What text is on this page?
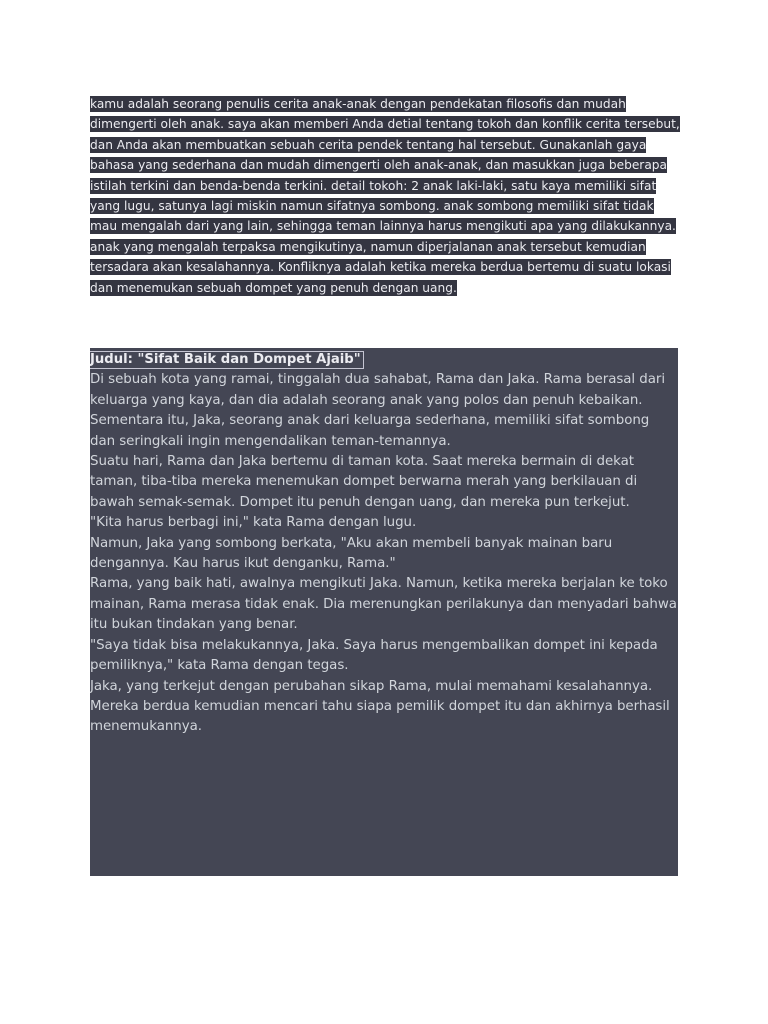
kamu adalah seorang penulis cerita anak-anak dengan pendekatan filosofis dan mudah dimengerti oleh anak. saya akan memberi Anda detial tentang tokoh dan konflik cerita tersebut, dan Anda akan membuatkan sebuah cerita pendek tentang hal tersebut. Gunakanlah gaya bahasa yang sederhana dan mudah dimengerti oleh anak-anak, dan masukkan juga beberapa istilah terkini dan benda-benda terkini. detail tokoh: 2 anak laki-laki, satu kaya memiliki sifat yang lugu, satunya lagi miskin namun sifatnya sombong. anak sombong memiliki sifat tidak mau mengalah dari yang lain, sehingga teman lainnya harus mengikuti apa yang dilakukannya. anak yang mengalah terpaksa mengikutinya, namun diperjalanan anak tersebut kemudian tersadara akan kesalahannya. Konfliknya adalah ketika mereka berdua bertemu di suatu lokasi dan menemukan sebuah dompet yang penuh dengan uang.

Judul: "Sifat Baik dan Dompet Ajaib"

Di sebuah kota yang ramai, tinggalah dua sahabat, Rama dan Jaka. Rama berasal dari keluarga yang kaya, dan dia adalah seorang anak yang polos dan penuh kebaikan. Sementara itu, Jaka, seorang anak dari keluarga sederhana, memiliki sifat sombong dan seringkali ingin mengendalikan teman-temannya.

Suatu hari, Rama dan Jaka bertemu di taman kota. Saat mereka bermain di dekat taman, tiba-tiba mereka menemukan dompet berwarna merah yang berkilauan di bawah semak-semak. Dompet itu penuh dengan uang, dan mereka pun terkejut.

"Kita harus berbagi ini," kata Rama dengan lugu.

Namun, Jaka yang sombong berkata, "Aku akan membeli banyak mainan baru dengannya. Kau harus ikut denganku, Rama."

Rama, yang baik hati, awalnya mengikuti Jaka. Namun, ketika mereka berjalan ke toko mainan, Rama merasa tidak enak. Dia merenungkan perilakunya dan menyadari bahwa itu bukan tindakan yang benar.

"Saya tidak bisa melakukannya, Jaka. Saya harus mengembalikan dompet ini kepada pemiliknya," kata Rama dengan tegas.

Jaka, yang terkejut dengan perubahan sikap Rama, mulai memahami kesalahannya. Mereka berdua kemudian mencari tahu siapa pemilik dompet itu dan akhirnya berhasil menemukannya.
